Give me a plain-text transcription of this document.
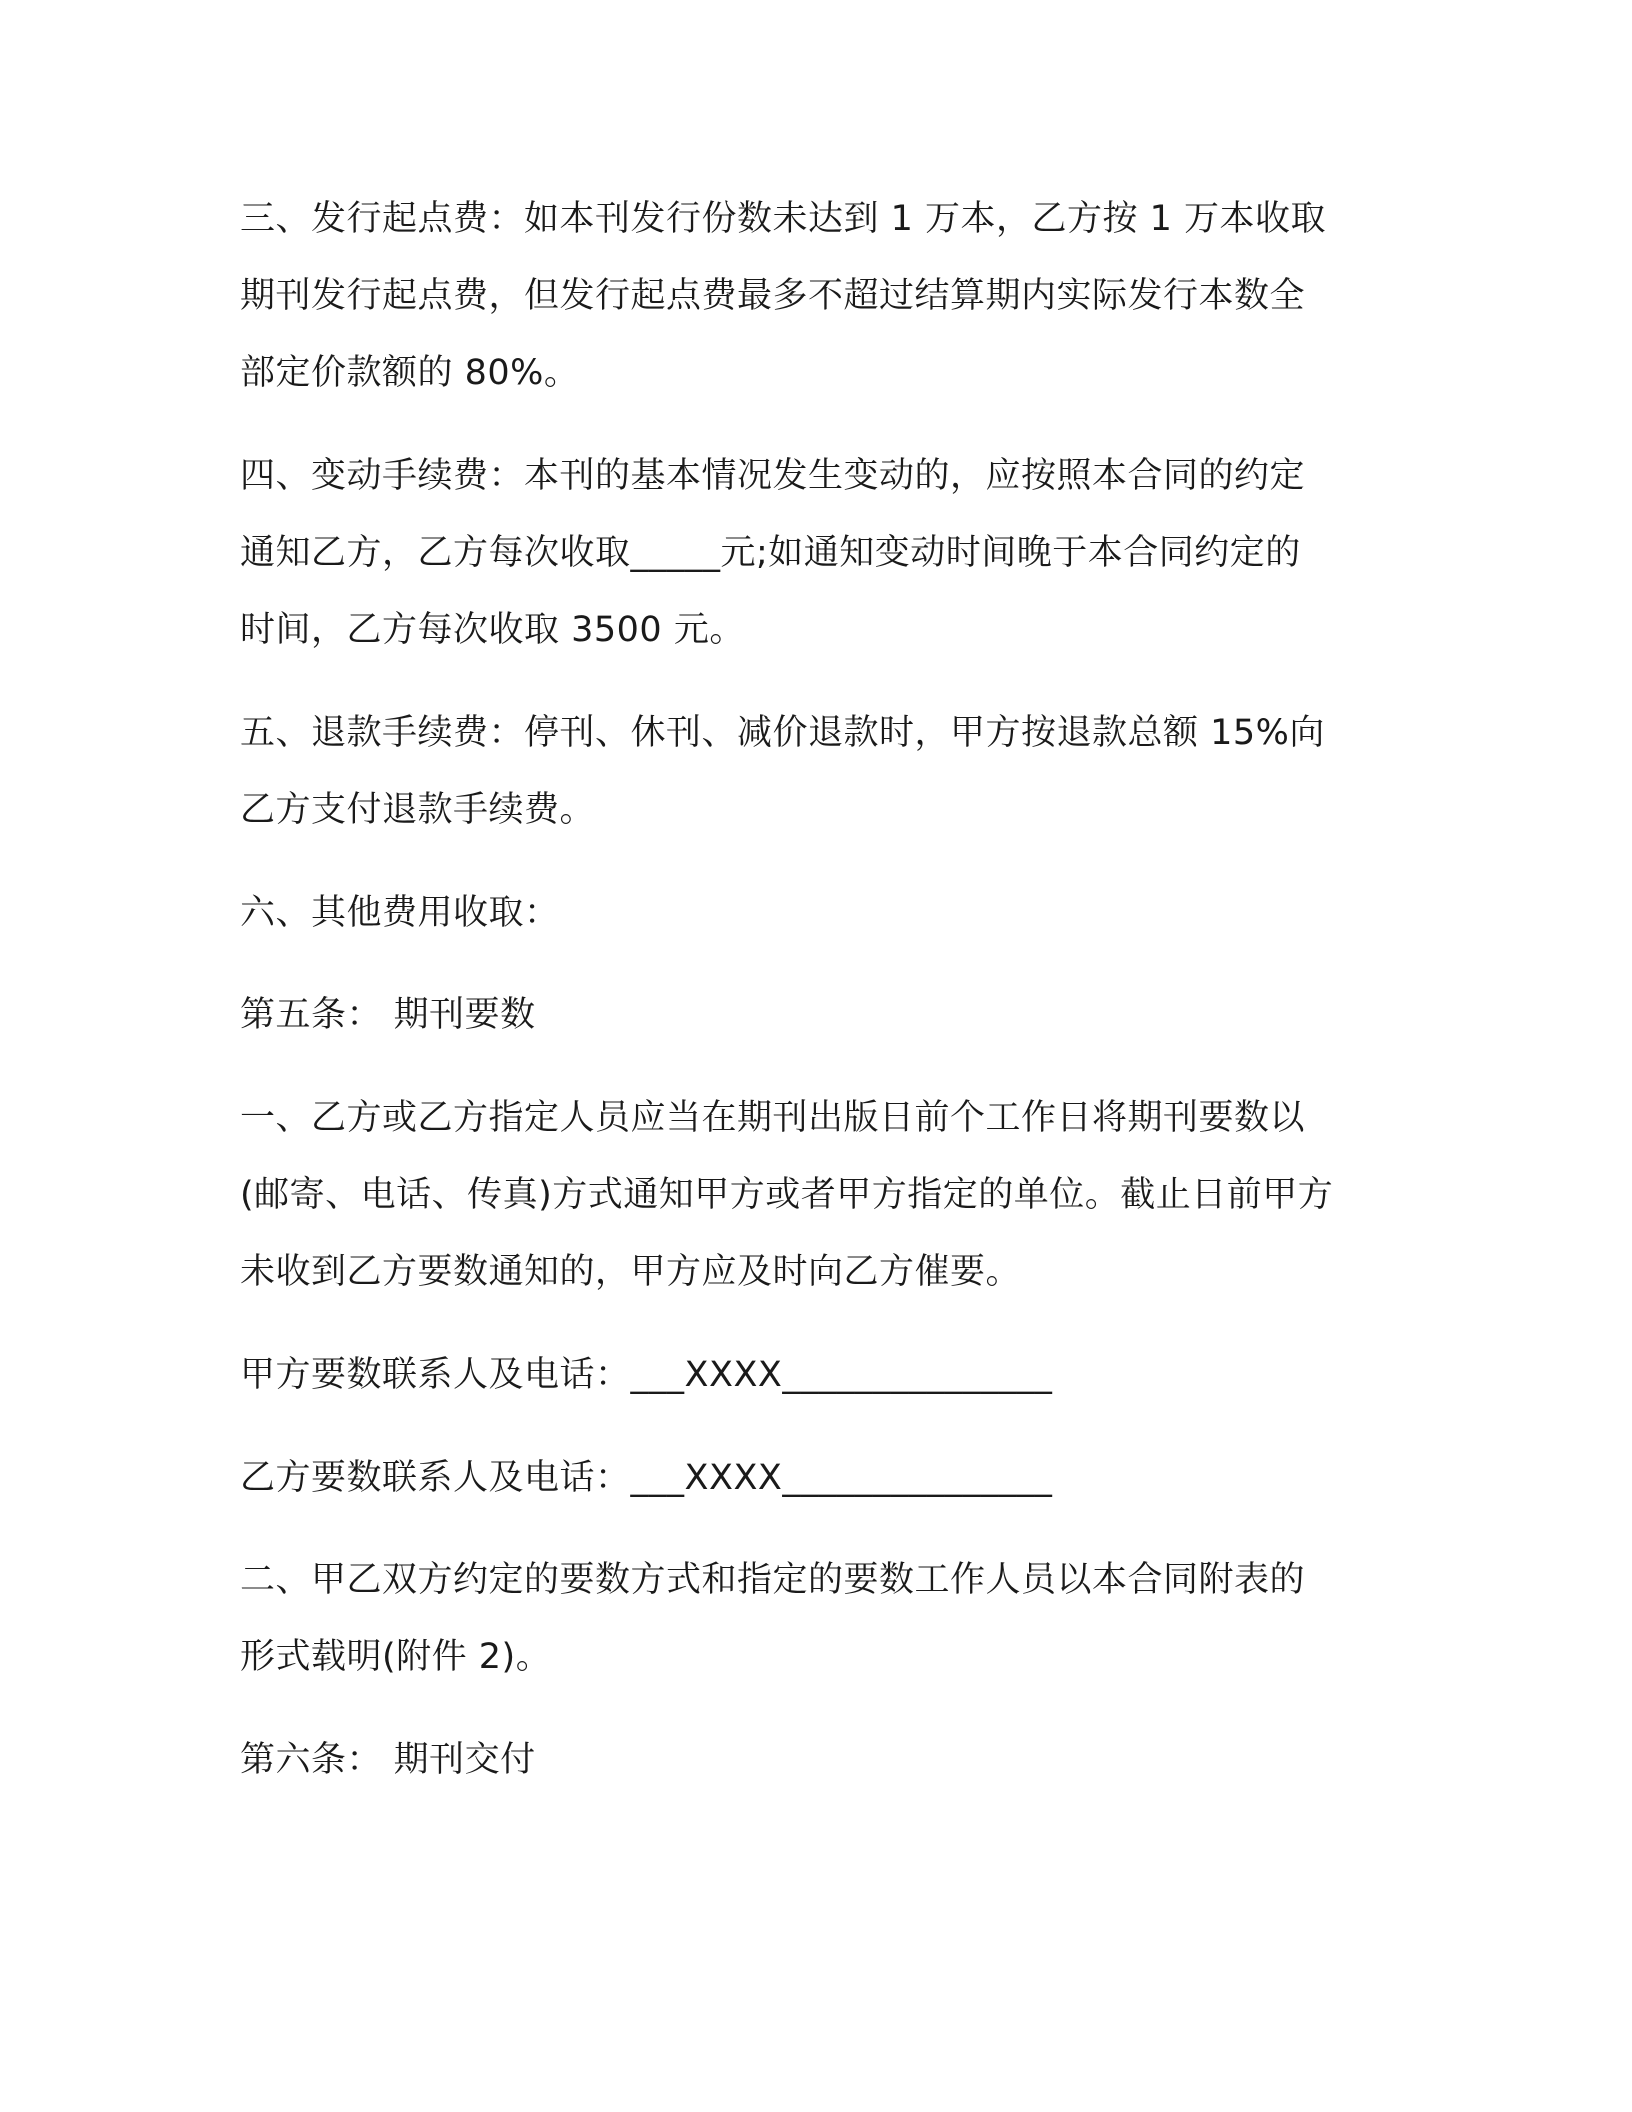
三、发行起点费：如本刊发行份数未达到 1 万本，乙方按 1 万本收取
期刊发行起点费，但发行起点费最多不超过结算期内实际发行本数全
部定价款额的 80%。

四、变动手续费：本刊的基本情况发生变动的，应按照本合同的约定
通知乙方，乙方每次收取_____元;如通知变动时间晚于本合同约定的
时间，乙方每次收取 3500 元。

五、退款手续费：停刊、休刊、减价退款时，甲方按退款总额 15%向
乙方支付退款手续费。

六、其他费用收取：

第五条： 期刊要数

一、乙方或乙方指定人员应当在期刊出版日前个工作日将期刊要数以
(邮寄、电话、传真)方式通知甲方或者甲方指定的单位。截止日前甲方
未收到乙方要数通知的，甲方应及时向乙方催要。

甲方要数联系人及电话：___XXXX_______________

乙方要数联系人及电话：___XXXX_______________

二、甲乙双方约定的要数方式和指定的要数工作人员以本合同附表的
形式载明(附件 2)。

第六条： 期刊交付
